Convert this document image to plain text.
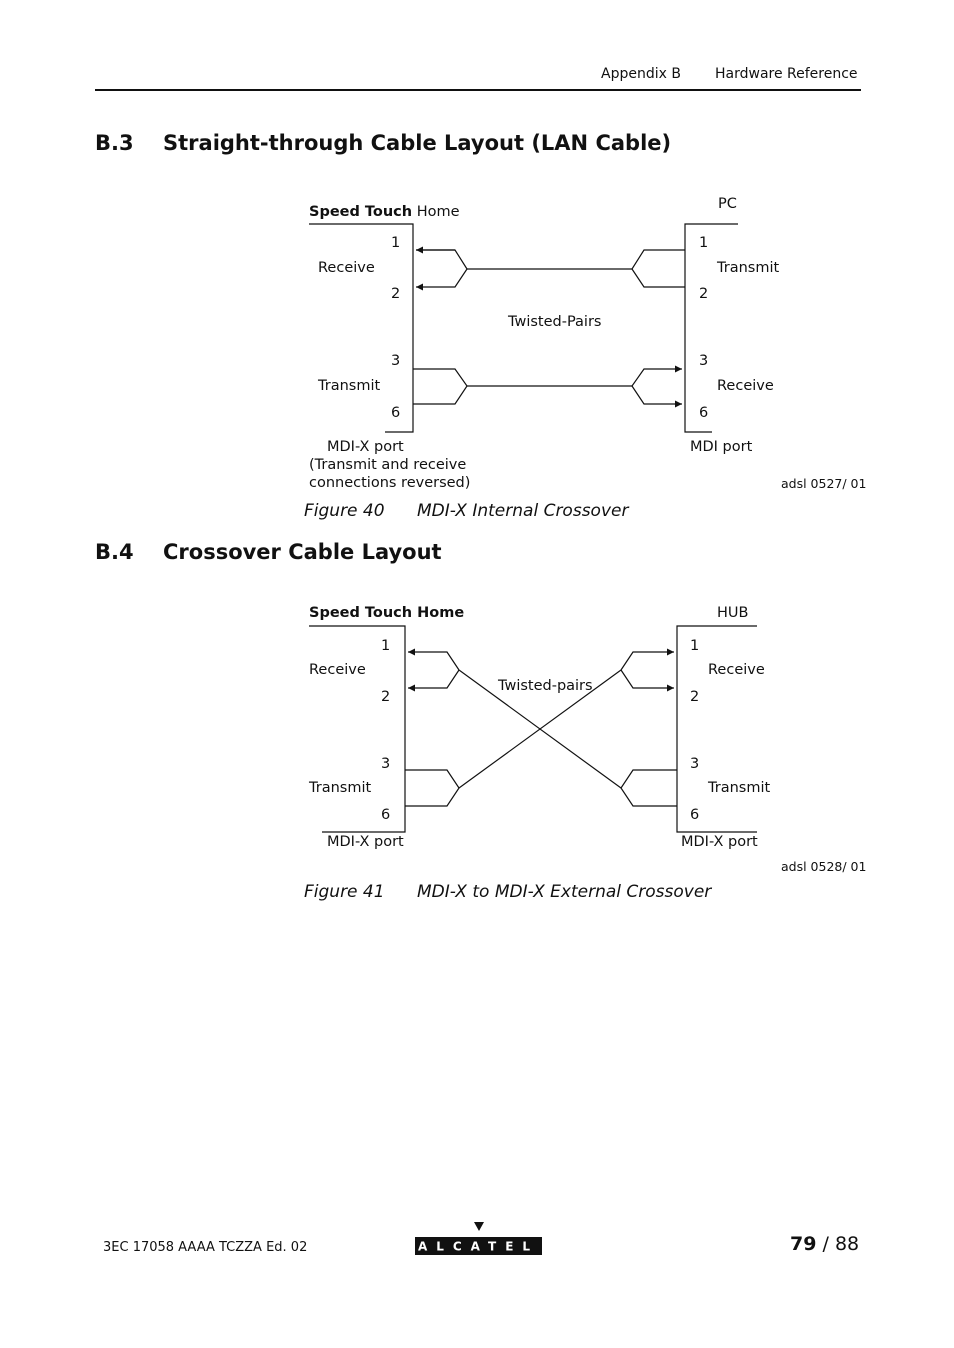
Appendix B Hardware Reference
B.3 Straight-through Cable Layout (LAN Cable)
Speed Touch Home	PC
1
2
3
6
1
2
3
6
Receive
Transmit
Transmit
Receive
Twisted-Pairs
MDI-X port
(Transmit and receive
connections reversed)
MDI port
adsl 0527/ 01
Figure 40 MDI-X Internal Crossover
B.4 Crossover Cable Layout
Speed Touch Home	HUB
1
2
3
6
1
2
3
6
Receive
Transmit
Receive
Transmit
Twisted-pairs
MDI-X port	MDI-X port
adsl 0528/ 01
Figure 41 MDI-X to MDI-X External Crossover
3EC 17058 AAAA TCZZA Ed. 02	ALCATEL	79 / 88
